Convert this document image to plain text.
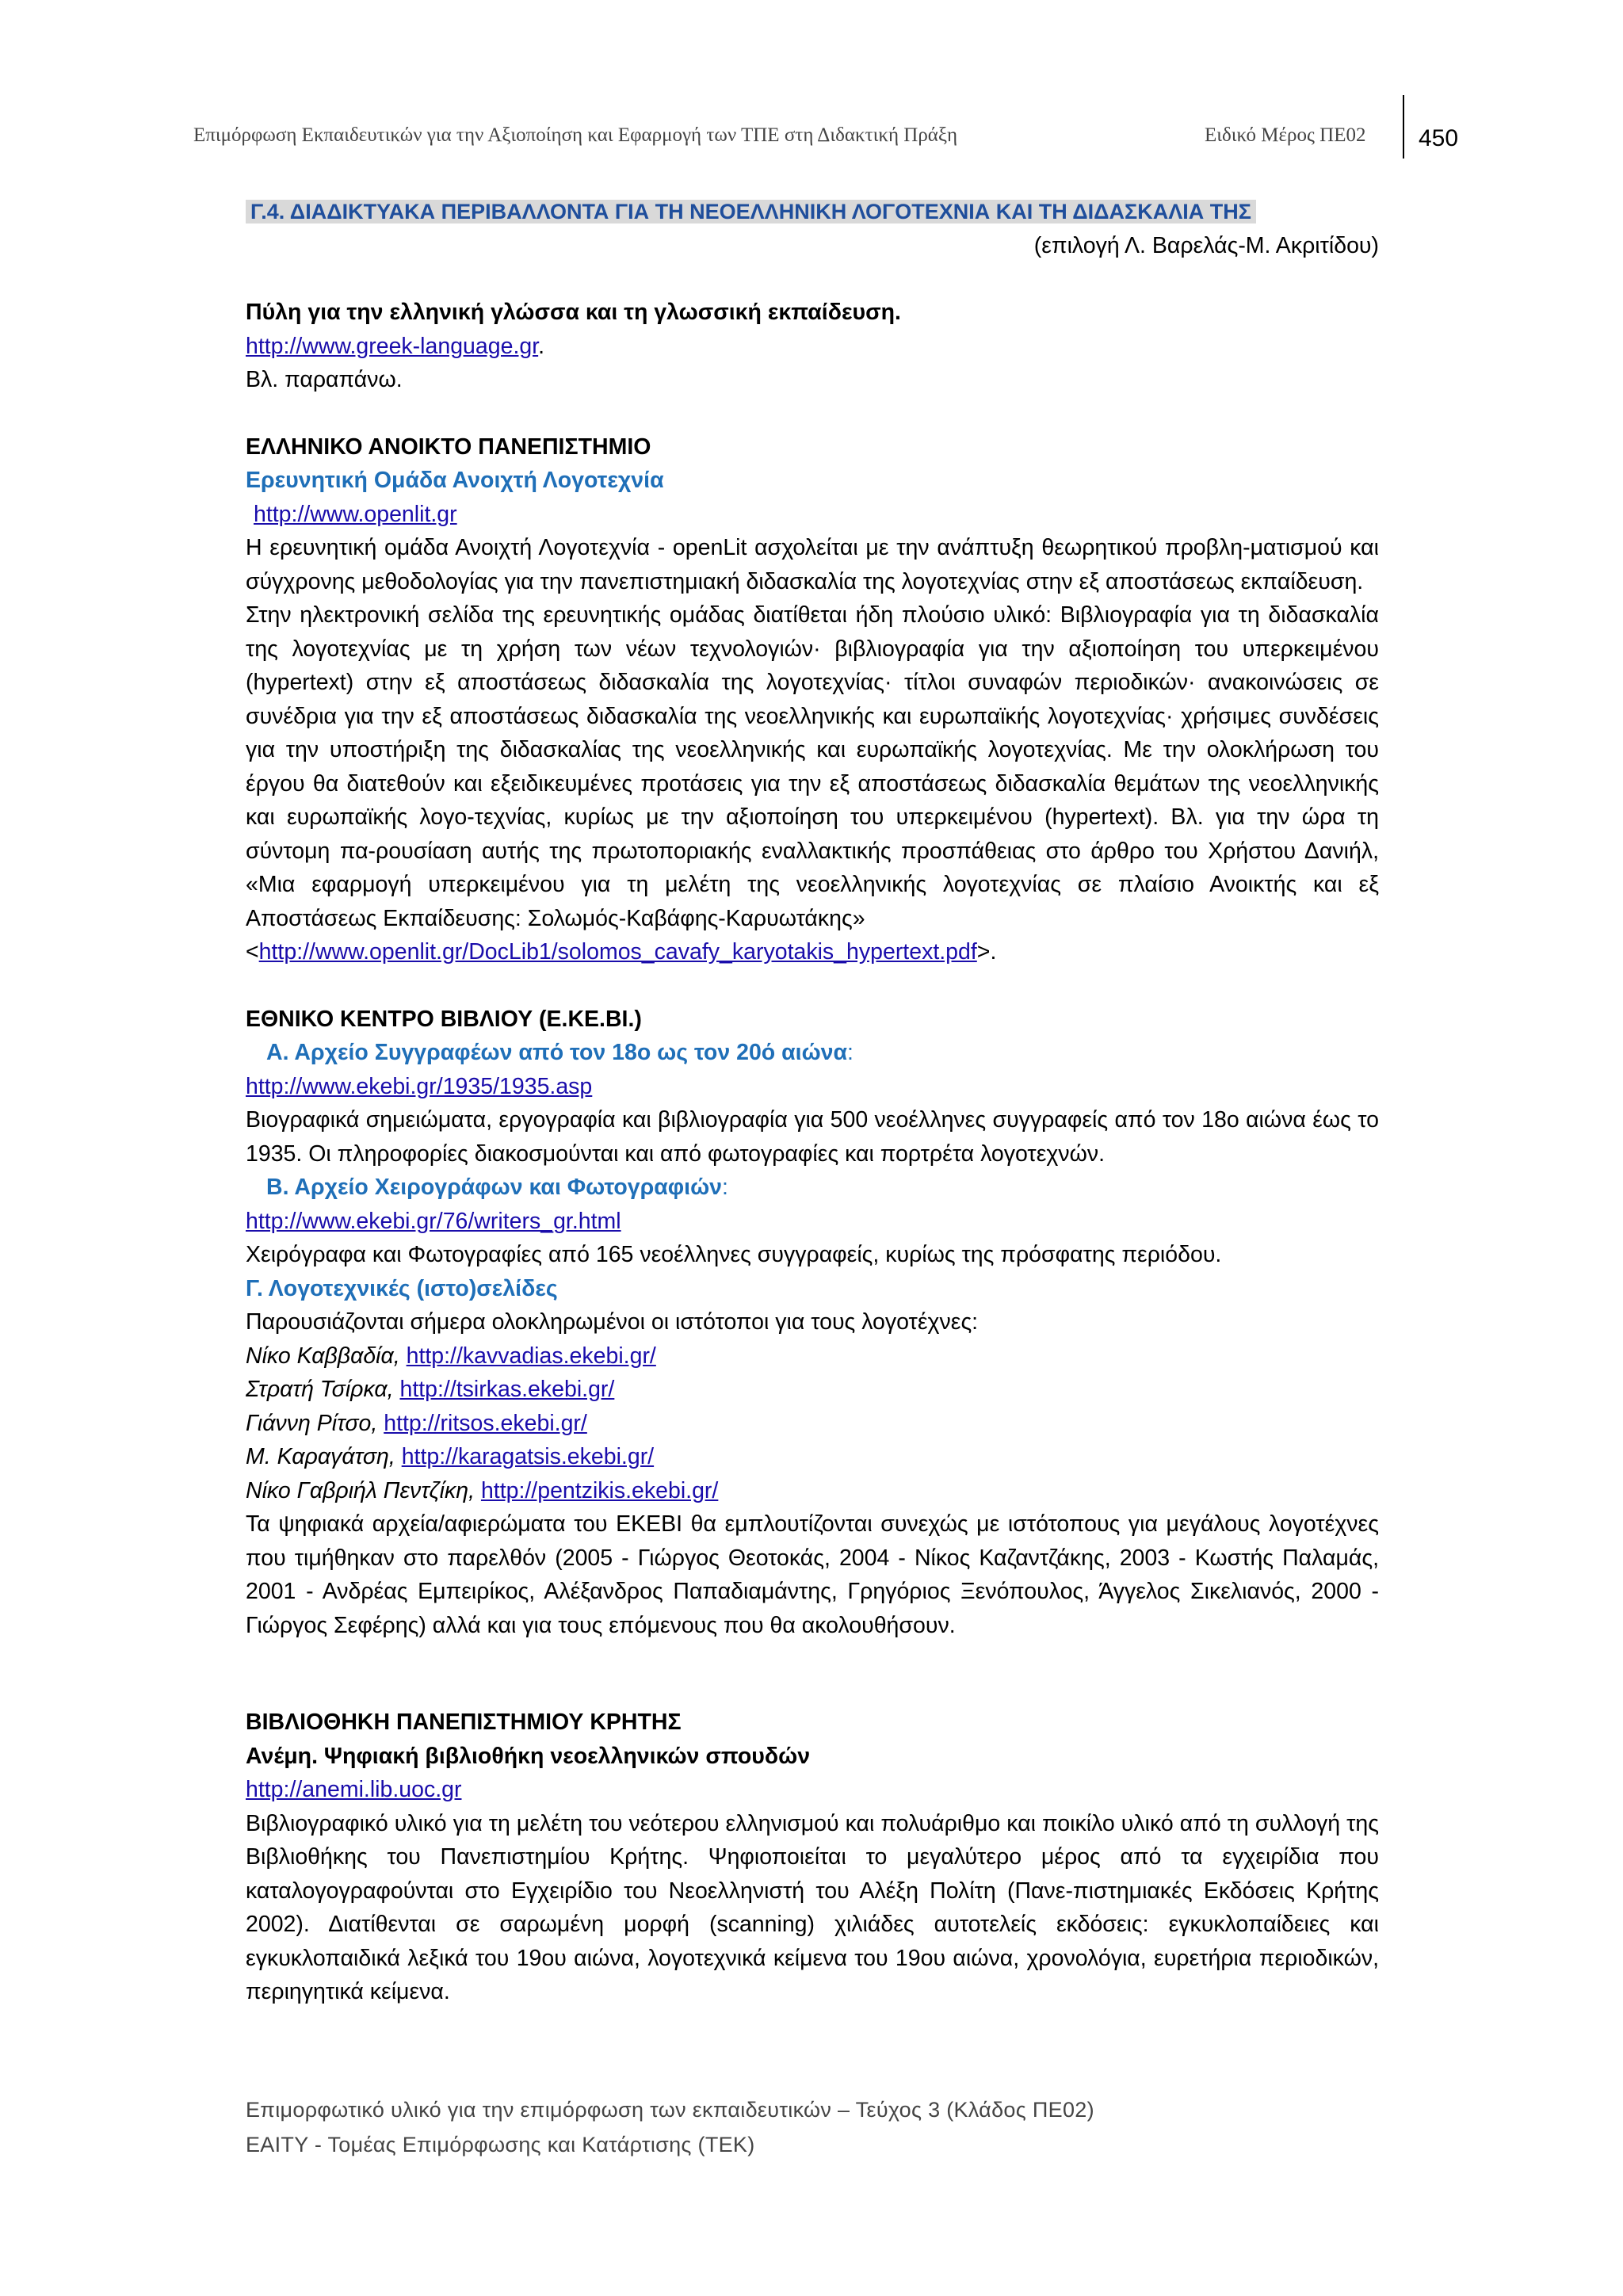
Επιμόρφωση Εκπαιδευτικών για την Αξιοποίηση και Εφαρμογή των ΤΠΕ στη Διδακτική Πράξη	Ειδικό Μέρος ΠΕ02 450

Γ.4. ΔΙΑΔΙΚΤΥΑΚΑ ΠΕΡΙΒΑΛΛΟΝΤΑ ΓΙΑ ΤΗ ΝΕΟΕΛΛΗΝΙΚΗ ΛΟΓΟΤΕΧΝΙΑ ΚΑΙ ΤΗ ΔΙΔΑΣΚΑΛΙΑ ΤΗΣ

(επιλογή Λ. Βαρελάς-Μ. Ακριτίδου)

Πύλη για την ελληνική γλώσσα και τη γλωσσική εκπαίδευση.

http://www.greek-language.gr.

Βλ. παραπάνω.

ΕΛΛΗΝΙΚΟ ΑΝΟΙΚΤΟ ΠΑΝΕΠΙΣΤΗΜΙΟ

Ερευνητική Ομάδα Ανοιχτή Λογοτεχνία

http://www.openlit.gr

Η ερευνητική ομάδα Ανοιχτή Λογοτεχνία - openLit ασχολείται με την ανάπτυξη θεωρητικού προβλη-ματισμού και σύγχρονης μεθοδολογίας για την πανεπιστημιακή διδασκαλία της λογοτεχνίας στην εξ αποστάσεως εκπαίδευση.

Στην ηλεκτρονική σελίδα της ερευνητικής ομάδας διατίθεται ήδη πλούσιο υλικό: Βιβλιογραφία για τη διδασκαλία της λογοτεχνίας με τη χρήση των νέων τεχνολογιών· βιβλιογραφία για την αξιοποίηση του υπερκειμένου (hypertext) στην εξ αποστάσεως διδασκαλία της λογοτεχνίας· τίτλοι συναφών περιοδικών· ανακοινώσεις σε συνέδρια για την εξ αποστάσεως διδασκαλία της νεοελληνικής και ευρωπαϊκής λογοτεχνίας· χρήσιμες συνδέσεις για την υποστήριξη της διδασκαλίας της νεοελληνικής και ευρωπαϊκής λογοτεχνίας. Με την ολοκλήρωση του έργου θα διατεθούν και εξειδικευμένες προτάσεις για την εξ αποστάσεως διδασκαλία θεμάτων της νεοελληνικής και ευρωπαϊκής λογο-τεχνίας, κυρίως με την αξιοποίηση του υπερκειμένου (hypertext). Βλ. για την ώρα τη σύντομη πα-ρουσίαση αυτής της πρωτοποριακής εναλλακτικής προσπάθειας στο άρθρο του Χρήστου Δανιήλ, «Μια εφαρμογή υπερκειμένου για τη μελέτη της νεοελληνικής λογοτεχνίας σε πλαίσιο Ανοικτής και εξ Αποστάσεως Εκπαίδευσης: Σολωμός-Καβάφης-Καρυωτάκης»

<http://www.openlit.gr/DocLib1/solomos_cavafy_karyotakis_hypertext.pdf>.

ΕΘΝΙΚΟ ΚΕΝΤΡΟ ΒΙΒΛΙΟΥ (Ε.ΚΕ.ΒΙ.)

Α. Αρχείο Συγγραφέων από τον 18ο ως τον 20ό αιώνα:

http://www.ekebi.gr/1935/1935.asp

Βιογραφικά σημειώματα, εργογραφία και βιβλιογραφία για 500 νεοέλληνες συγγραφείς από τον 18ο αιώνα έως το 1935. Οι πληροφορίες διακοσμούνται και από φωτογραφίες και πορτρέτα λογοτεχνών.

Β. Αρχείο Χειρογράφων και Φωτογραφιών:

http://www.ekebi.gr/76/writers_gr.html

Χειρόγραφα και Φωτογραφίες από 165 νεοέλληνες συγγραφείς, κυρίως της πρόσφατης περιόδου.

Γ. Λογοτεχνικές (ιστο)σελίδες

Παρουσιάζονται σήμερα ολοκληρωμένοι οι ιστότοποι για τους λογοτέχνες:

Νίκο Καββαδία, http://kavvadias.ekebi.gr/

Στρατή Τσίρκα, http://tsirkas.ekebi.gr/

Γιάννη Ρίτσο, http://ritsos.ekebi.gr/

Μ. Καραγάτση, http://karagatsis.ekebi.gr/

Νίκο Γαβριήλ Πεντζίκη, http://pentzikis.ekebi.gr/

Τα ψηφιακά αρχεία/αφιερώματα του ΕΚΕΒΙ θα εμπλουτίζονται συνεχώς με ιστότοπους για μεγάλους λογοτέχνες που τιμήθηκαν στο παρελθόν (2005 - Γιώργος Θεοτοκάς, 2004 - Νίκος Καζαντζάκης, 2003 - Κωστής Παλαμάς, 2001 - Ανδρέας Εμπειρίκος, Αλέξανδρος Παπαδιαμάντης, Γρηγόριος Ξενόπουλος, Άγγελος Σικελιανός, 2000 - Γιώργος Σεφέρης) αλλά και για τους επόμενους που θα ακολουθήσουν.

ΒΙΒΛΙΟΘΗΚΗ ΠΑΝΕΠΙΣΤΗΜΙΟΥ ΚΡΗΤΗΣ

Ανέμη. Ψηφιακή βιβλιοθήκη νεοελληνικών σπουδών

http://anemi.lib.uoc.gr

Βιβλιογραφικό υλικό για τη μελέτη του νεότερου ελληνισμού και πολυάριθμο και ποικίλο υλικό από τη συλλογή της Βιβλιοθήκης του Πανεπιστημίου Κρήτης. Ψηφιοποιείται το μεγαλύτερο μέρος από τα εγχειρίδια που καταλογογραφούνται στο Εγχειρίδιο του Νεοελληνιστή του Αλέξη Πολίτη (Πανε-πιστημιακές Εκδόσεις Κρήτης 2002). Διατίθενται σε σαρωμένη μορφή (scanning) χιλιάδες αυτοτελείς εκδόσεις: εγκυκλοπαίδειες και εγκυκλοπαιδικά λεξικά του 19ου αιώνα, λογοτεχνικά κείμενα του 19ου αιώνα, χρονολόγια, ευρετήρια περιοδικών, περιηγητικά κείμενα.

Επιμορφωτικό υλικό για την επιμόρφωση των εκπαιδευτικών – Τεύχος 3 (Κλάδος ΠΕ02)
ΕΑΙΤΥ - Τομέας Επιμόρφωσης και Κατάρτισης (ΤΕΚ)
